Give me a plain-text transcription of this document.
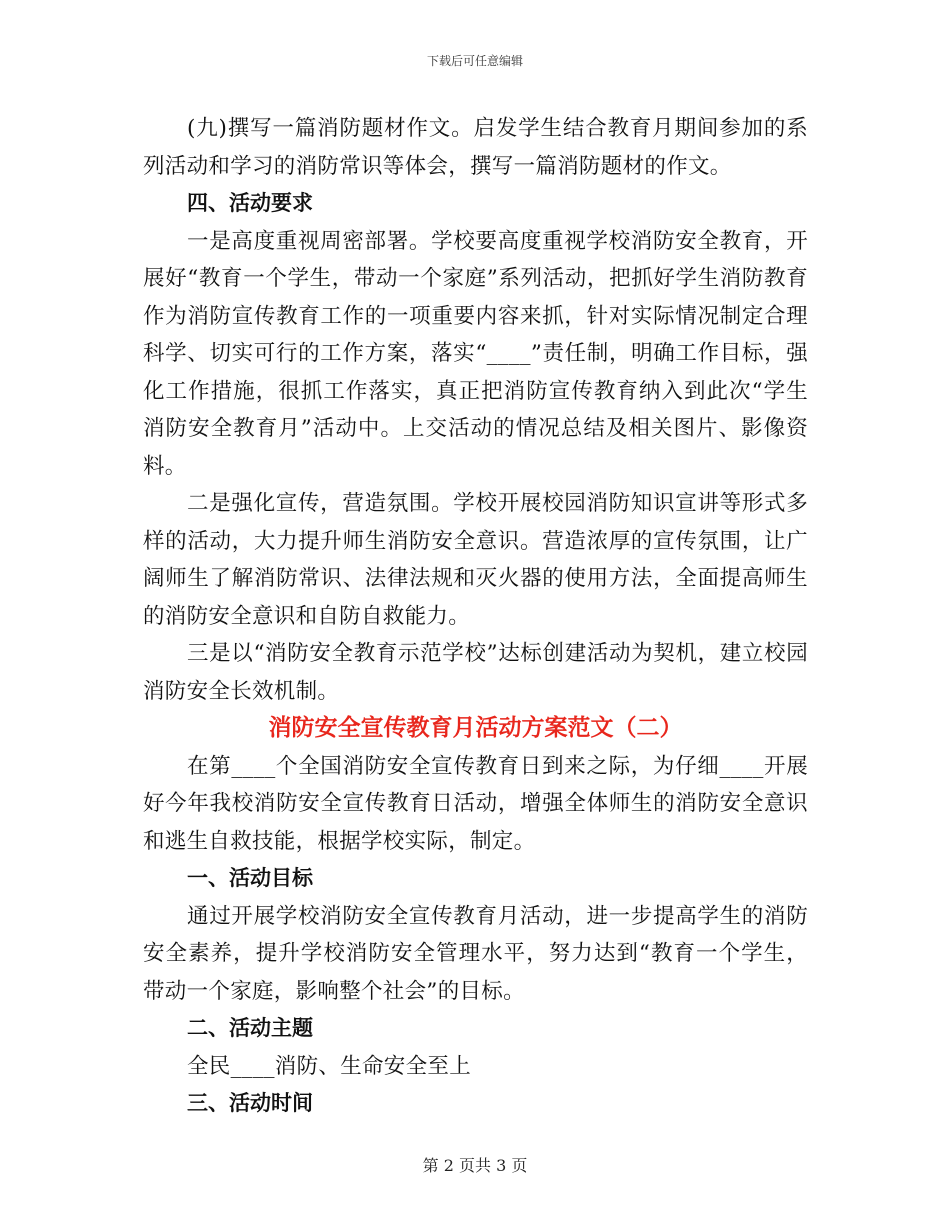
下载后可任意编辑

(九)撰写一篇消防题材作文。启发学生结合教育月期间参加的系列活动和学习的消防常识等体会，撰写一篇消防题材的作文。

四、活动要求

一是高度重视周密部署。学校要高度重视学校消防安全教育，开展好“教育一个学生，带动一个家庭”系列活动，把抓好学生消防教育作为消防宣传教育工作的一项重要内容来抓，针对实际情况制定合理科学、切实可行的工作方案，落实“____”责任制，明确工作目标，强化工作措施，很抓工作落实，真正把消防宣传教育纳入到此次“学生消防安全教育月”活动中。上交活动的情况总结及相关图片、影像资料。

二是强化宣传，营造氛围。学校开展校园消防知识宣讲等形式多样的活动，大力提升师生消防安全意识。营造浓厚的宣传氛围，让广阔师生了解消防常识、法律法规和灭火器的使用方法，全面提高师生的消防安全意识和自防自救能力。

三是以“消防安全教育示范学校”达标创建活动为契机，建立校园消防安全长效机制。

消防安全宣传教育月活动方案范文（二）

在第____个全国消防安全宣传教育日到来之际，为仔细____开展好今年我校消防安全宣传教育日活动，增强全体师生的消防安全意识和逃生自救技能，根据学校实际，制定。

一、活动目标

通过开展学校消防安全宣传教育月活动，进一步提高学生的消防安全素养，提升学校消防安全管理水平，努力达到“教育一个学生，带动一个家庭，影响整个社会”的目标。

二、活动主题

全民____消防、生命安全至上

三、活动时间

第 2 页共 3 页
